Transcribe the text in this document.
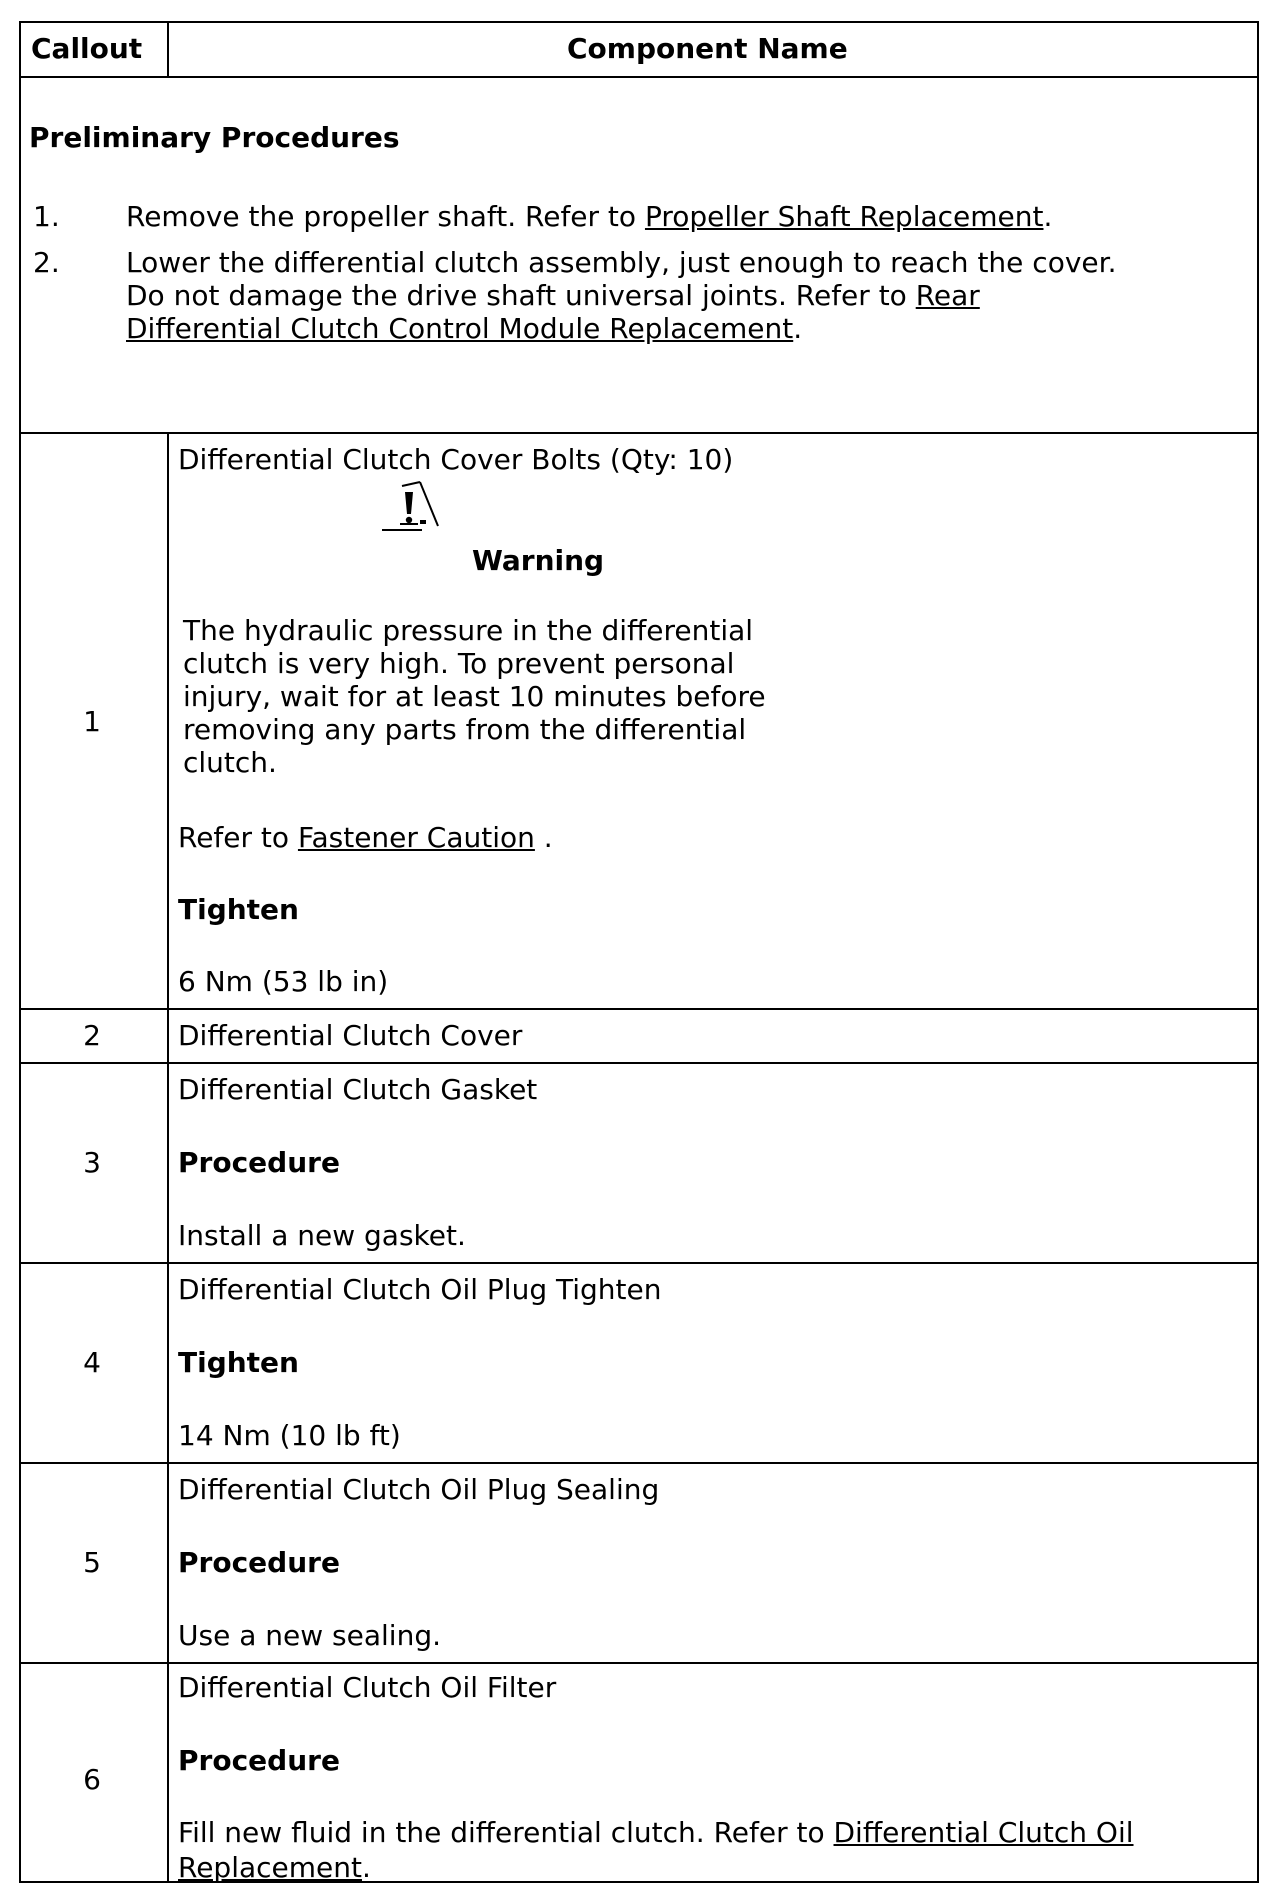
Callout	Component Name
Preliminary Procedures
1. Remove the propeller shaft. Refer to Propeller Shaft Replacement.
2. Lower the differential clutch assembly, just enough to reach the cover.
Do not damage the drive shaft universal joints. Refer to Rear
Differential Clutch Control Module Replacement.
1
Differential Clutch Cover Bolts (Qty: 10)
Warning
The hydraulic pressure in the differential
clutch is very high. To prevent personal
injury, wait for at least 10 minutes before
removing any parts from the differential
clutch.
Refer to Fastener Caution .
Tighten
6 Nm (53 lb in)
2	Differential Clutch Cover
3
Differential Clutch Gasket
Procedure
Install a new gasket.
4
Differential Clutch Oil Plug Tighten
Tighten
14 Nm (10 lb ft)
5
Differential Clutch Oil Plug Sealing
Procedure
Use a new sealing.
6
Differential Clutch Oil Filter
Procedure
Fill new fluid in the differential clutch. Refer to Differential Clutch Oil
Replacement.
